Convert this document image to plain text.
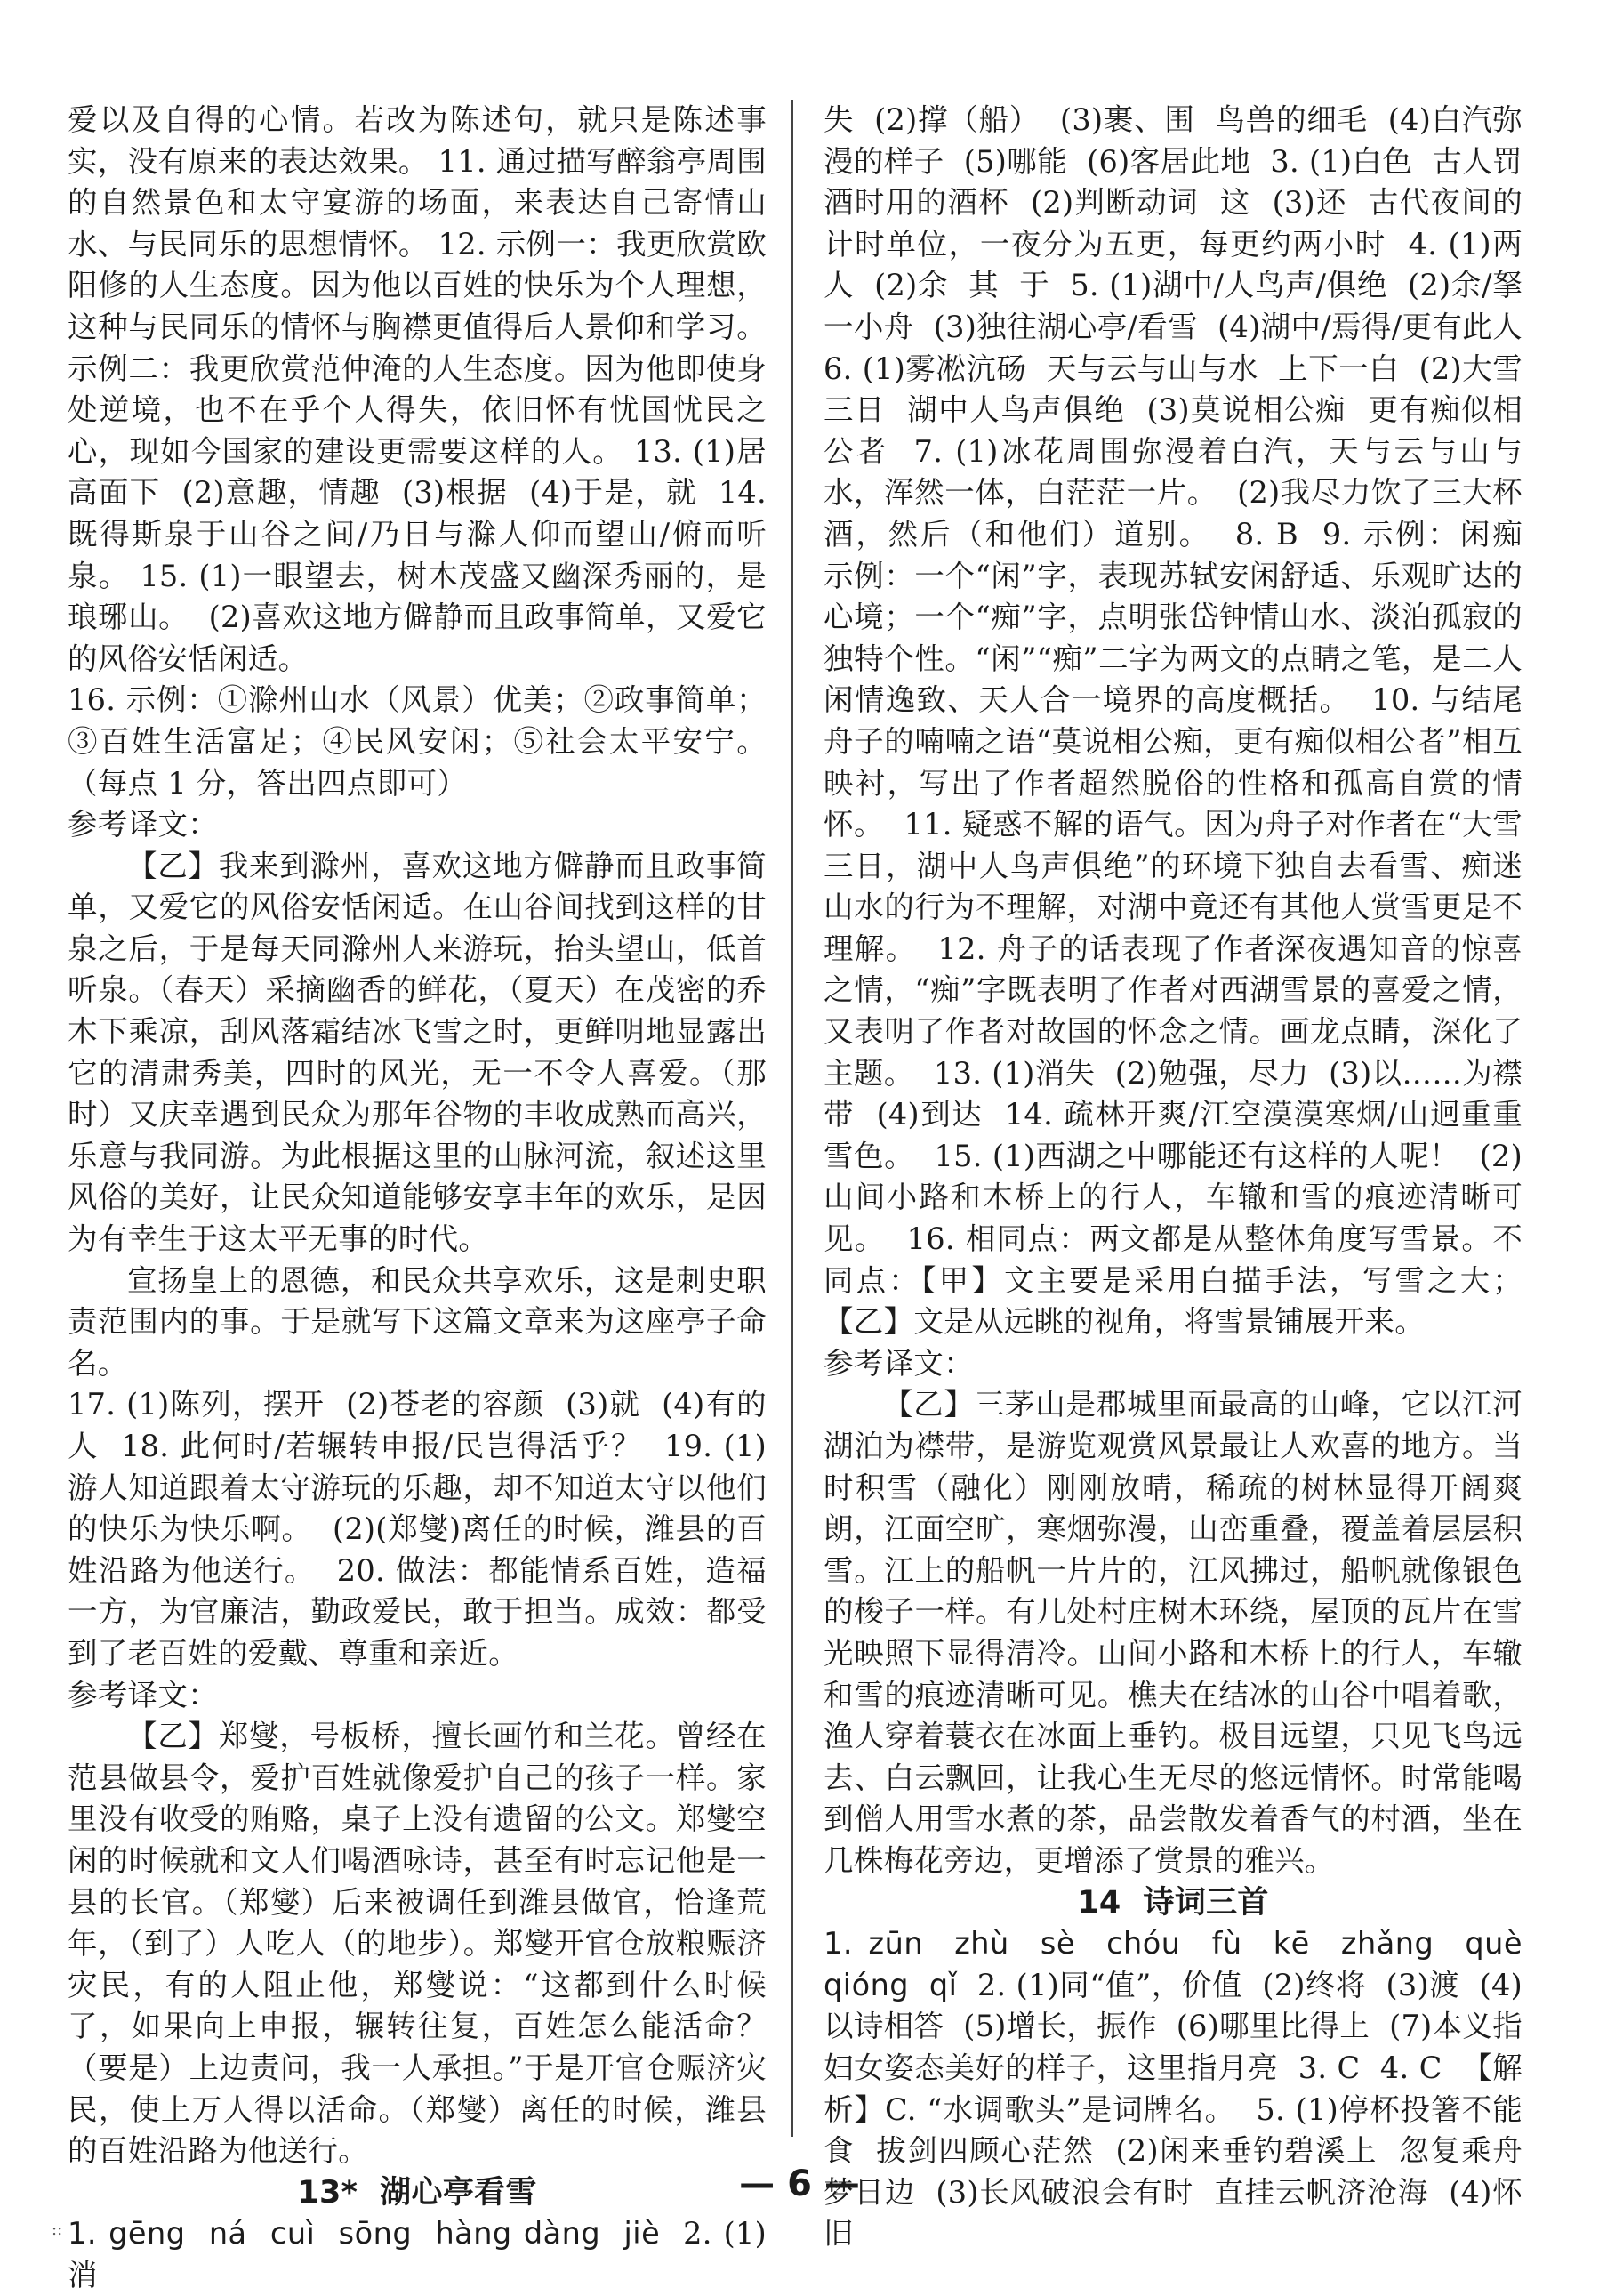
爱以及自得的心情。若改为陈述句，就只是陈述事实，没有原来的表达效果。 11. 通过描写醉翁亭周围的自然景色和太守宴游的场面，来表达自己寄情山水、与民同乐的思想情怀。 12. 示例一：我更欣赏欧阳修的人生态度。因为他以百姓的快乐为个人理想，这种与民同乐的情怀与胸襟更值得后人景仰和学习。示例二：我更欣赏范仲淹的人生态度。因为他即使身处逆境，也不在乎个人得失，依旧怀有忧国忧民之心，现如今国家的建设更需要这样的人。 13. (1)居高面下  (2)意趣，情趣  (3)根据  (4)于是，就  14. 既得斯泉于山谷之间/乃日与滁人仰而望山/俯而听泉。 15. (1)一眼望去，树木茂盛又幽深秀丽的，是琅琊山。  (2)喜欢这地方僻静而且政事简单，又爱它的风俗安恬闲适。

16. 示例：①滁州山水（风景）优美；②政事简单；③百姓生活富足；④民风安闲；⑤社会太平安宁。（每点 1 分，答出四点即可）

参考译文：

【乙】我来到滁州，喜欢这地方僻静而且政事简单，又爱它的风俗安恬闲适。在山谷间找到这样的甘泉之后，于是每天同滁州人来游玩，抬头望山，低首听泉。（春天）采摘幽香的鲜花，（夏天）在茂密的乔木下乘凉，刮风落霜结冰飞雪之时，更鲜明地显露出它的清肃秀美，四时的风光，无一不令人喜爱。（那时）又庆幸遇到民众为那年谷物的丰收成熟而高兴，乐意与我同游。为此根据这里的山脉河流，叙述这里风俗的美好，让民众知道能够安享丰年的欢乐，是因为有幸生于这太平无事的时代。

宣扬皇上的恩德，和民众共享欢乐，这是刺史职责范围内的事。于是就写下这篇文章来为这座亭子命名。

17. (1)陈列，摆开  (2)苍老的容颜  (3)就  (4)有的人  18. 此何时/若辗转申报/民岂得活乎？  19. (1)游人知道跟着太守游玩的乐趣，却不知道太守以他们的快乐为快乐啊。  (2)(郑燮)离任的时候，潍县的百姓沿路为他送行。  20. 做法：都能情系百姓，造福一方，为官廉洁，勤政爱民，敢于担当。成效：都受到了老百姓的爱戴、尊重和亲近。

参考译文：

【乙】郑燮，号板桥，擅长画竹和兰花。曾经在范县做县令，爱护百姓就像爱护自己的孩子一样。家里没有收受的贿赂，桌子上没有遗留的公文。郑燮空闲的时候就和文人们喝酒咏诗，甚至有时忘记他是一县的长官。（郑燮）后来被调任到潍县做官，恰逢荒年，（到了）人吃人（的地步）。郑燮开官仓放粮赈济灾民，有的人阻止他，郑燮说：“这都到什么时候了，如果向上申报，辗转往复，百姓怎么能活命？（要是）上边责问，我一人承担。”于是开官仓赈济灾民，使上万人得以活命。（郑燮）离任的时候，潍县的百姓沿路为他送行。

13*  湖心亭看雪

1. gēng  ná  cuì  sōng  hàng dàng  jiè  2. (1)消

失  (2)撑（船）  (3)裹、围  鸟兽的细毛  (4)白汽弥漫的样子  (5)哪能  (6)客居此地  3. (1)白色  古人罚酒时用的酒杯  (2)判断动词  这  (3)还  古代夜间的计时单位，一夜分为五更，每更约两小时  4. (1)两人  (2)余  其  于  5. (1)湖中/人鸟声/俱绝  (2)余/拏一小舟  (3)独往湖心亭/看雪  (4)湖中/焉得/更有此人  6. (1)雾凇沆砀  天与云与山与水  上下一白  (2)大雪三日  湖中人鸟声俱绝  (3)莫说相公痴  更有痴似相公者  7. (1)冰花周围弥漫着白汽，天与云与山与水，浑然一体，白茫茫一片。  (2)我尽力饮了三大杯酒，然后（和他们）道别。  8. B  9. 示例：闲痴  示例：一个“闲”字，表现苏轼安闲舒适、乐观旷达的心境；一个“痴”字，点明张岱钟情山水、淡泊孤寂的独特个性。“闲”“痴”二字为两文的点睛之笔，是二人闲情逸致、天人合一境界的高度概括。  10. 与结尾舟子的喃喃之语“莫说相公痴，更有痴似相公者”相互映衬，写出了作者超然脱俗的性格和孤高自赏的情怀。  11. 疑惑不解的语气。因为舟子对作者在“大雪三日，湖中人鸟声俱绝”的环境下独自去看雪、痴迷山水的行为不理解，对湖中竟还有其他人赏雪更是不理解。  12. 舟子的话表现了作者深夜遇知音的惊喜之情，“痴”字既表明了作者对西湖雪景的喜爱之情，又表明了作者对故国的怀念之情。画龙点睛，深化了主题。  13. (1)消失  (2)勉强，尽力  (3)以……为襟带  (4)到达  14. 疏林开爽/江空漠漠寒烟/山迥重重雪色。  15. (1)西湖之中哪能还有这样的人呢！  (2)山间小路和木桥上的行人，车辙和雪的痕迹清晰可见。  16. 相同点：两文都是从整体角度写雪景。不同点：【甲】文主要是采用白描手法，写雪之大；【乙】文是从远眺的视角，将雪景铺展开来。

参考译文：

【乙】三茅山是郡城里面最高的山峰，它以江河湖泊为襟带，是游览观赏风景最让人欢喜的地方。当时积雪（融化）刚刚放晴，稀疏的树林显得开阔爽朗，江面空旷，寒烟弥漫，山峦重叠，覆盖着层层积雪。江上的船帆一片片的，江风拂过，船帆就像银色的梭子一样。有几处村庄树木环绕，屋顶的瓦片在雪光映照下显得清冷。山间小路和木桥上的行人，车辙和雪的痕迹清晰可见。樵夫在结冰的山谷中唱着歌，渔人穿着蓑衣在冰面上垂钓。极目远望，只见飞鸟远去、白云飘回，让我心生无尽的悠远情怀。时常能喝到僧人用雪水煮的茶，品尝散发着香气的村酒，坐在几株梅花旁边，更增添了赏景的雅兴。

14  诗词三首

1. zūn  zhù  sè  chóu  fù  kē  zhǎng  què  qióng  qǐ  2. (1)同“值”，价值  (2)终将  (3)渡  (4)以诗相答  (5)增长，振作  (6)哪里比得上  (7)本义指妇女姿态美好的样子，这里指月亮  3. C  4. C  【解析】C. “水调歌头”是词牌名。  5. (1)停杯投箸不能食  拔剑四顾心茫然  (2)闲来垂钓碧溪上  忽复乘舟梦日边  (3)长风破浪会有时  直挂云帆济沧海  (4)怀旧

— 6 —
::
